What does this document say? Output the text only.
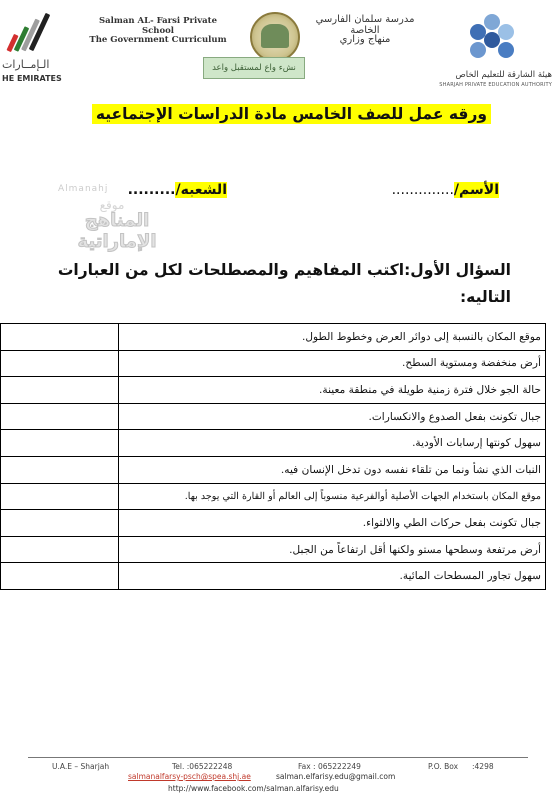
الـإمــارات
HE EMIRATES
Salman AL- Farsi Private School
The Government Curriculum
مدرسة سلمان الفارسي الخاصة
منهاج وزاري
نشء واع لمستقبل واعد
هيئة الشارقة للتعليم الخاص
SHARJAH PRIVATE EDUCATION AUTHORITY
ورقه عمل للصف الخامس مادة الدراسات الإجتماعيه
الأسم/..............
الشعبه/.........
Almanahj
موقع
المناهج الإماراتية
السؤال الأول:اكتب المفاهيم والمصطلحات لكل من العبارات التاليه:
	موقع المكان بالنسبة إلى دوائر العرض وخطوط الطول.
	أرض منخفضة ومستوية السطح.
	حالة الجو خلال فترة زمنية طويلة في منطقة معينة.
	جبال تكونت بفعل الصدوع والانكسارات.
	سهول كونتها إرسابات الأودية.
	النبات الذي نشأ ونما من تلقاء نفسه دون تدخل الإنسان فيه.
	موقع المكان باستخدام الجهات الأصلية أوالفرعية منسوباً إلى العالم أو القارة التي يوجد بها.
	جبال تكونت بفعل حركات الطي والالتواء.
	أرض مرتفعة وسطحها مستو ولكنها أقل ارتفاعاً من الجبل.
	سهول تجاور المسطحات المائية.
U.A.E – Sharjah	Tel. :065222248	Fax : 065222249	P.O. Box :4298
salmanalfarsy-psch@spea.shj.ae	salman.elfarisy.edu@gmail.com
http://www.facebook.com/salman.alfarisy.edu
